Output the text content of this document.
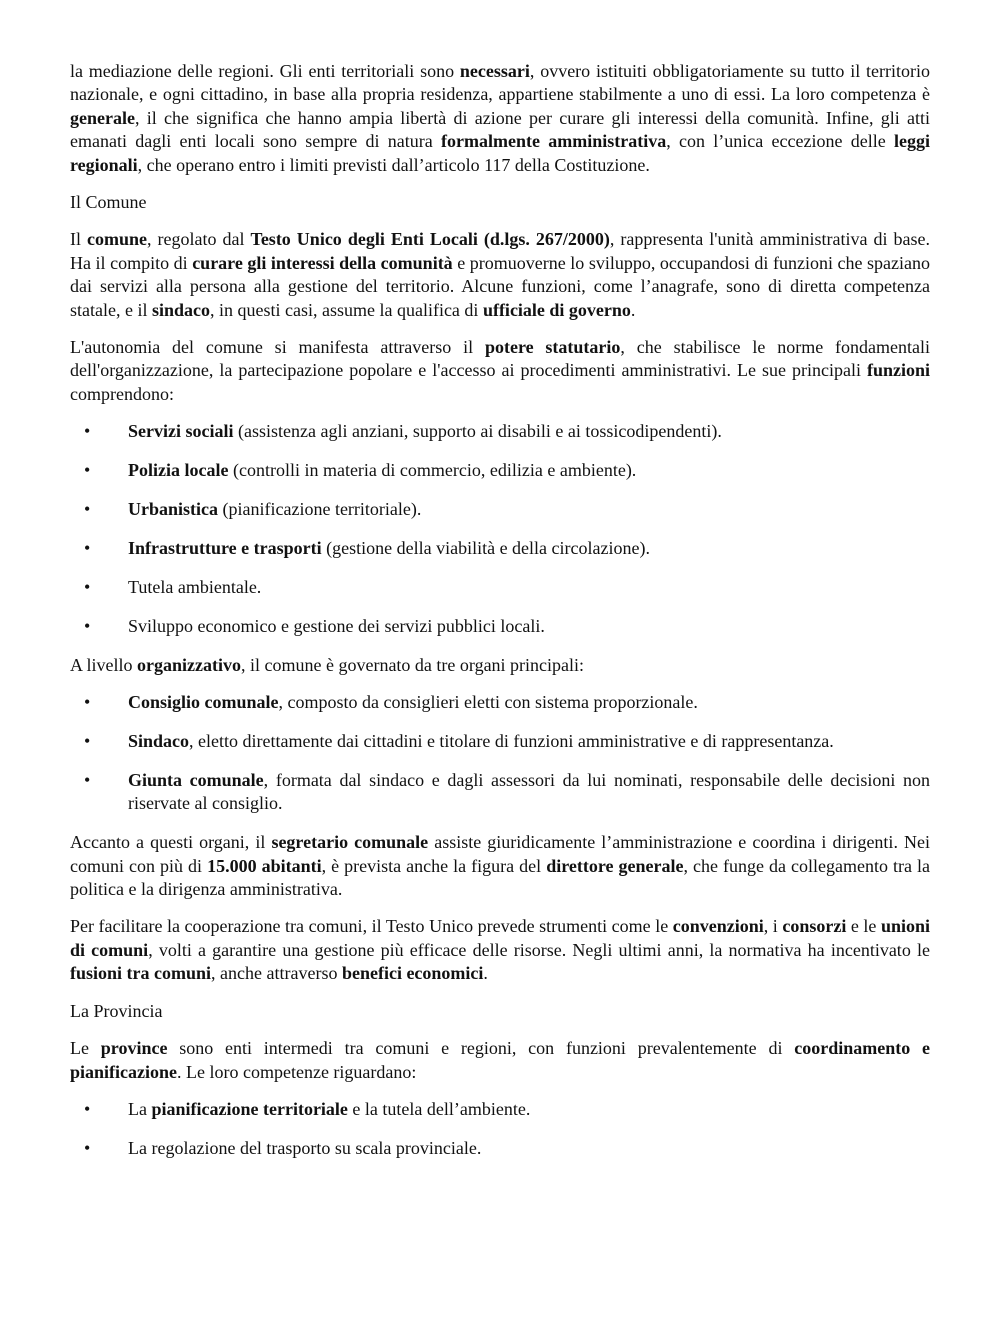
la mediazione delle regioni. Gli enti territoriali sono necessari, ovvero istituiti obbligatoriamente su tutto il territorio nazionale, e ogni cittadino, in base alla propria residenza, appartiene stabilmente a uno di essi. La loro competenza è generale, il che significa che hanno ampia libertà di azione per curare gli interessi della comunità. Infine, gli atti emanati dagli enti locali sono sempre di natura formalmente amministrativa, con l’unica eccezione delle leggi regionali, che operano entro i limiti previsti dall’articolo 117 della Costituzione.

Il Comune

Il comune, regolato dal Testo Unico degli Enti Locali (d.lgs. 267/2000), rappresenta l'unità amministrativa di base. Ha il compito di curare gli interessi della comunità e promuoverne lo sviluppo, occupandosi di funzioni che spaziano dai servizi alla persona alla gestione del territorio. Alcune funzioni, come l’anagrafe, sono di diretta competenza statale, e il sindaco, in questi casi, assume la qualifica di ufficiale di governo.

L'autonomia del comune si manifesta attraverso il potere statutario, che stabilisce le norme fondamentali dell'organizzazione, la partecipazione popolare e l'accesso ai procedimenti amministrativi. Le sue principali funzioni comprendono:

• Servizi sociali (assistenza agli anziani, supporto ai disabili e ai tossicodipendenti).
• Polizia locale (controlli in materia di commercio, edilizia e ambiente).
• Urbanistica (pianificazione territoriale).
• Infrastrutture e trasporti (gestione della viabilità e della circolazione).
• Tutela ambientale.
• Sviluppo economico e gestione dei servizi pubblici locali.

A livello organizzativo, il comune è governato da tre organi principali:

• Consiglio comunale, composto da consiglieri eletti con sistema proporzionale.
• Sindaco, eletto direttamente dai cittadini e titolare di funzioni amministrative e di rappresentanza.
• Giunta comunale, formata dal sindaco e dagli assessori da lui nominati, responsabile delle decisioni non riservate al consiglio.

Accanto a questi organi, il segretario comunale assiste giuridicamente l’amministrazione e coordina i dirigenti. Nei comuni con più di 15.000 abitanti, è prevista anche la figura del direttore generale, che funge da collegamento tra la politica e la dirigenza amministrativa.

Per facilitare la cooperazione tra comuni, il Testo Unico prevede strumenti come le convenzioni, i consorzi e le unioni di comuni, volti a garantire una gestione più efficace delle risorse. Negli ultimi anni, la normativa ha incentivato le fusioni tra comuni, anche attraverso benefici economici.

La Provincia

Le province sono enti intermedi tra comuni e regioni, con funzioni prevalentemente di coordinamento e pianificazione. Le loro competenze riguardano:

• La pianificazione territoriale e la tutela dell’ambiente.
• La regolazione del trasporto su scala provinciale.
